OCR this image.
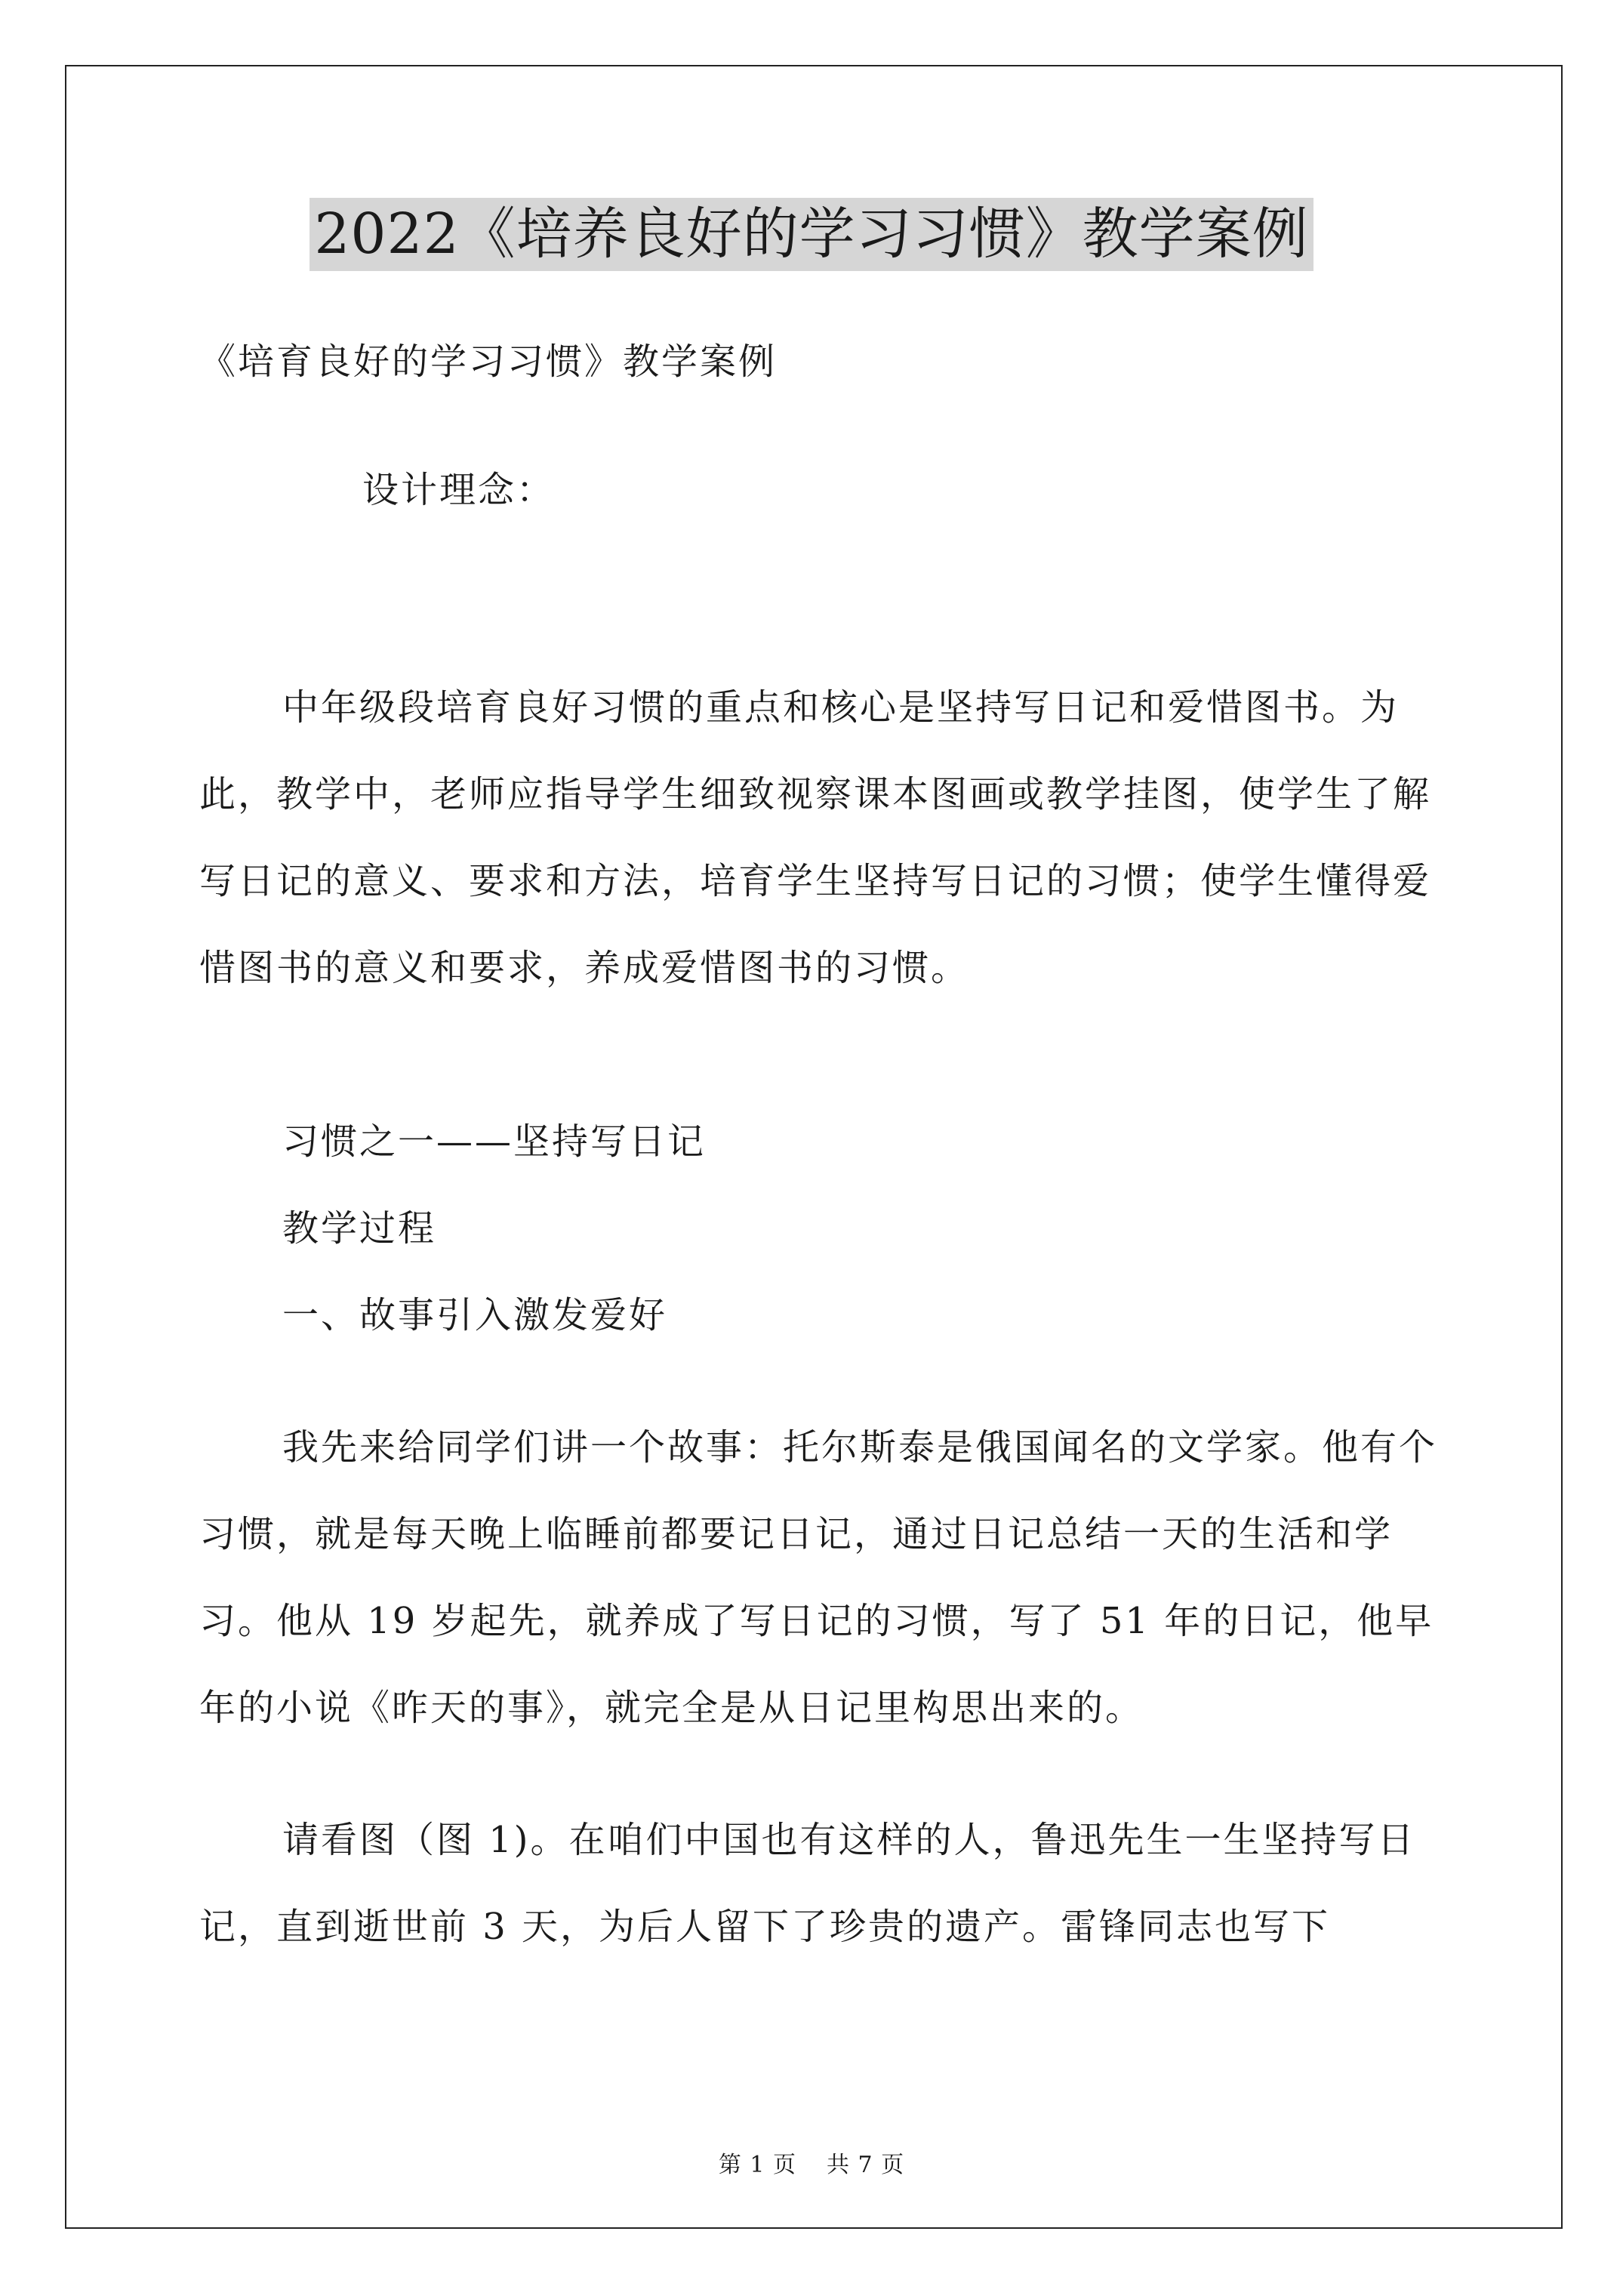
2022《培养良好的学习习惯》教学案例
《培育良好的学习习惯》教学案例
设计理念：
中年级段培育良好习惯的重点和核心是坚持写日记和爱惜图书。为此，教学中，老师应指导学生细致视察课本图画或教学挂图，使学生了解写日记的意义、要求和方法，培育学生坚持写日记的习惯；使学生懂得爱惜图书的意义和要求，养成爱惜图书的习惯。
习惯之一——坚持写日记
教学过程
一、故事引入激发爱好
我先来给同学们讲一个故事：托尔斯泰是俄国闻名的文学家。他有个习惯，就是每天晚上临睡前都要记日记，通过日记总结一天的生活和学习。他从 19 岁起先，就养成了写日记的习惯，写了 51 年的日记，他早年的小说《昨天的事》，就完全是从日记里构思出来的。
请看图（图 1)。在咱们中国也有这样的人，鲁迅先生一生坚持写日记，直到逝世前 3 天，为后人留下了珍贵的遗产。雷锋同志也写下
第 1 页 共 7 页
